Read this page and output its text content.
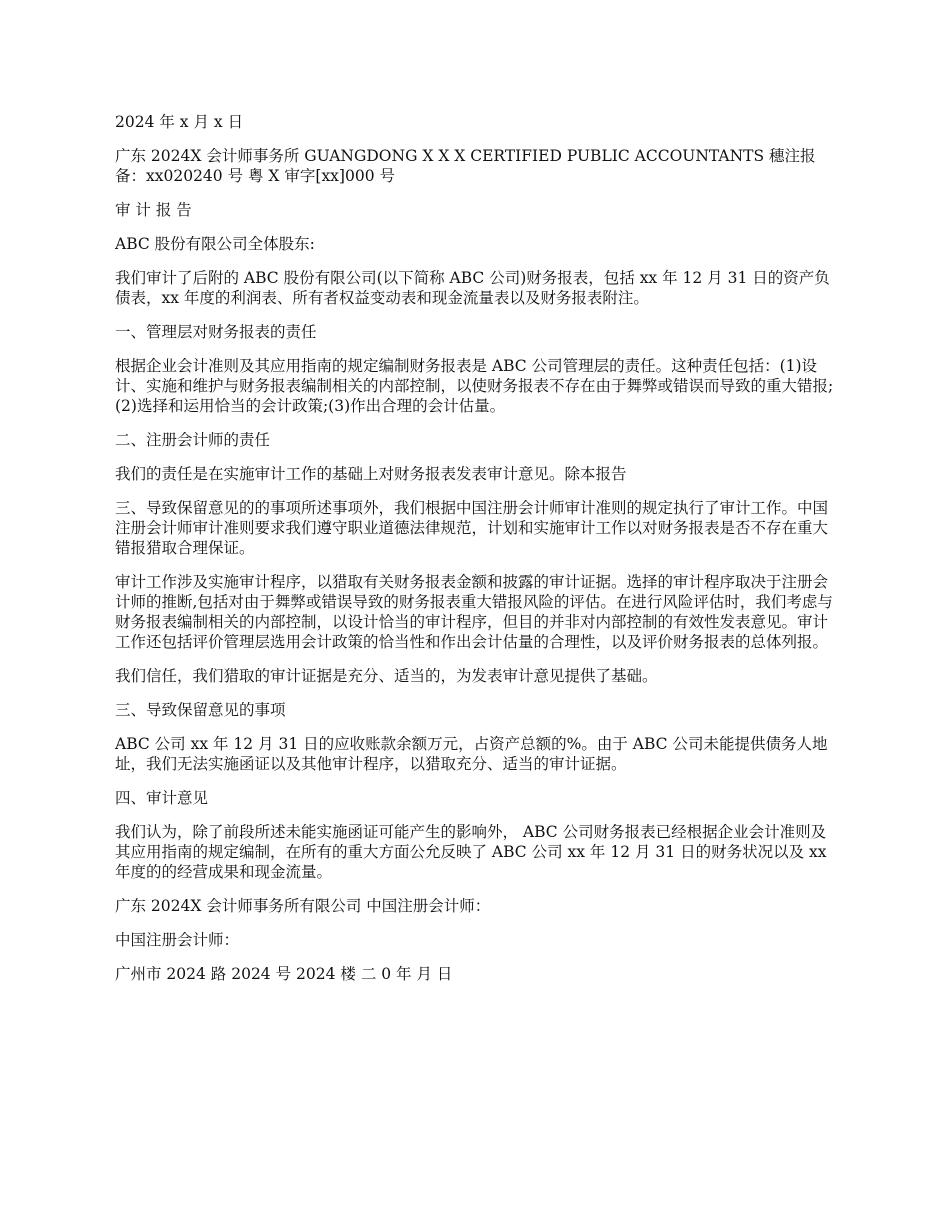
2024 年 x 月 x 日

广东 2024X 会计师事务所 GUANGDONG X X X CERTIFIED PUBLIC ACCOUNTANTS 穗注报备：xx020240 号 粤 X 审字[xx]000 号

审 计 报 告

ABC 股份有限公司全体股东:

我们审计了后附的 ABC 股份有限公司(以下简称 ABC 公司)财务报表，包括 xx 年 12 月 31 日的资产负债表，xx 年度的利润表、所有者权益变动表和现金流量表以及财务报表附注。

一、管理层对财务报表的责任

根据企业会计准则及其应用指南的规定编制财务报表是 ABC 公司管理层的责任。这种责任包括：(1)设计、实施和维护与财务报表编制相关的内部控制，以使财务报表不存在由于舞弊或错误而导致的重大错报;(2)选择和运用恰当的会计政策;(3)作出合理的会计估量。

二、注册会计师的责任

我们的责任是在实施审计工作的基础上对财务报表发表审计意见。除本报告

三、导致保留意见的的事项所述事项外，我们根据中国注册会计师审计准则的规定执行了审计工作。中国注册会计师审计准则要求我们遵守职业道德法律规范，计划和实施审计工作以对财务报表是否不存在重大错报猎取合理保证。

审计工作涉及实施审计程序，以猎取有关财务报表金额和披露的审计证据。选择的审计程序取决于注册会计师的推断,包括对由于舞弊或错误导致的财务报表重大错报风险的评估。在进行风险评估时，我们考虑与财务报表编制相关的内部控制，以设计恰当的审计程序，但目的并非对内部控制的有效性发表意见。审计工作还包括评价管理层选用会计政策的恰当性和作出会计估量的合理性，以及评价财务报表的总体列报。

我们信任，我们猎取的审计证据是充分、适当的，为发表审计意见提供了基础。

三、导致保留意见的事项

ABC 公司 xx 年 12 月 31 日的应收账款余额万元，占资产总额的%。由于 ABC 公司未能提供债务人地址，我们无法实施函证以及其他审计程序，以猎取充分、适当的审计证据。

四、审计意见

我们认为，除了前段所述未能实施函证可能产生的影响外， ABC 公司财务报表已经根据企业会计准则及其应用指南的规定编制，在所有的重大方面公允反映了 ABC 公司 xx 年 12 月 31 日的财务状况以及 xx 年度的的经营成果和现金流量。

广东 2024X 会计师事务所有限公司 中国注册会计师：

中国注册会计师：

广州市 2024 路 2024 号 2024 楼 二 0 年 月 日
